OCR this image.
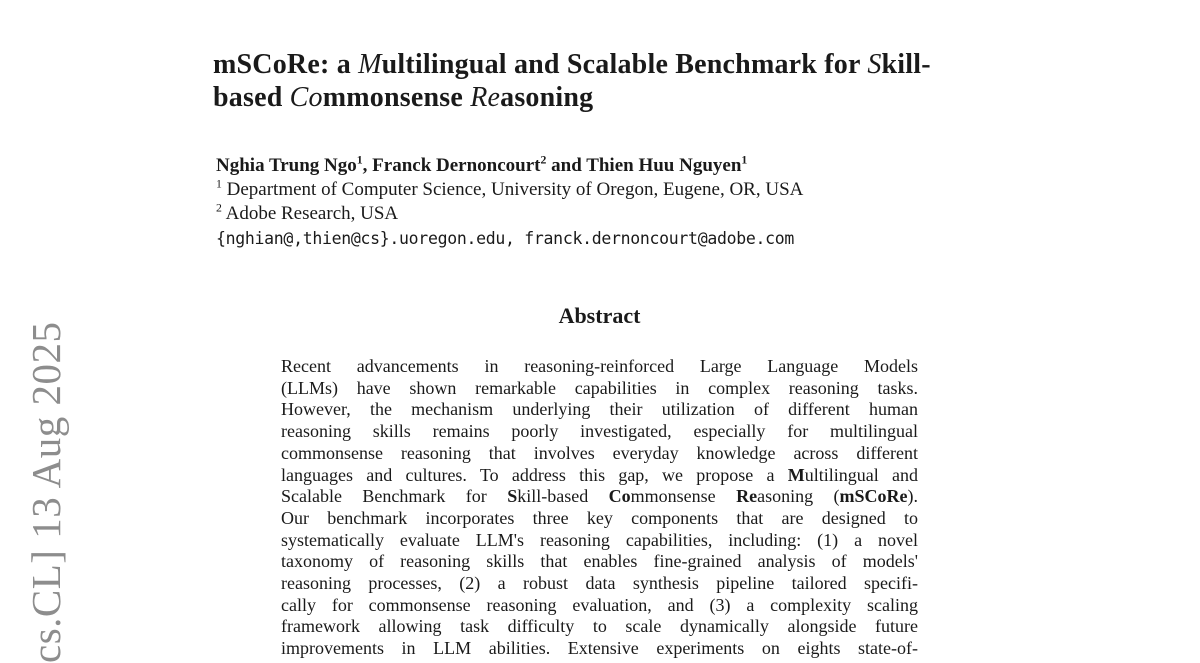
cs.CL] 13 Aug 2025
mSCoRe: a Multilingual and Scalable Benchmark for Skill-
based Commonsense Reasoning
Nghia Trung Ngo$^1$, Franck Dernoncourt$^2$ and Thien Huu Nguyen$^1$
$^1$ Department of Computer Science, University of Oregon, Eugene, OR, USA
$^2$ Adobe Research, USA
{nghian@,thien@cs}.uoregon.edu, franck.dernoncourt@adobe.com
Abstract
Recent advancements in reasoning-reinforced Large Language Models
(LLMs) have shown remarkable capabilities in complex reasoning tasks.
However, the mechanism underlying their utilization of different human
reasoning skills remains poorly investigated, especially for multilingual
commonsense reasoning that involves everyday knowledge across different
languages and cultures. To address this gap, we propose a Multilingual and
Scalable Benchmark for Skill-based Commonsense Reasoning (mSCoRe).
Our benchmark incorporates three key components that are designed to
systematically evaluate LLM's reasoning capabilities, including: (1) a novel
taxonomy of reasoning skills that enables fine-grained analysis of models'
reasoning processes, (2) a robust data synthesis pipeline tailored specifi-
cally for commonsense reasoning evaluation, and (3) a complexity scaling
framework allowing task difficulty to scale dynamically alongside future
improvements in LLM abilities. Extensive experiments on eights state-of-
